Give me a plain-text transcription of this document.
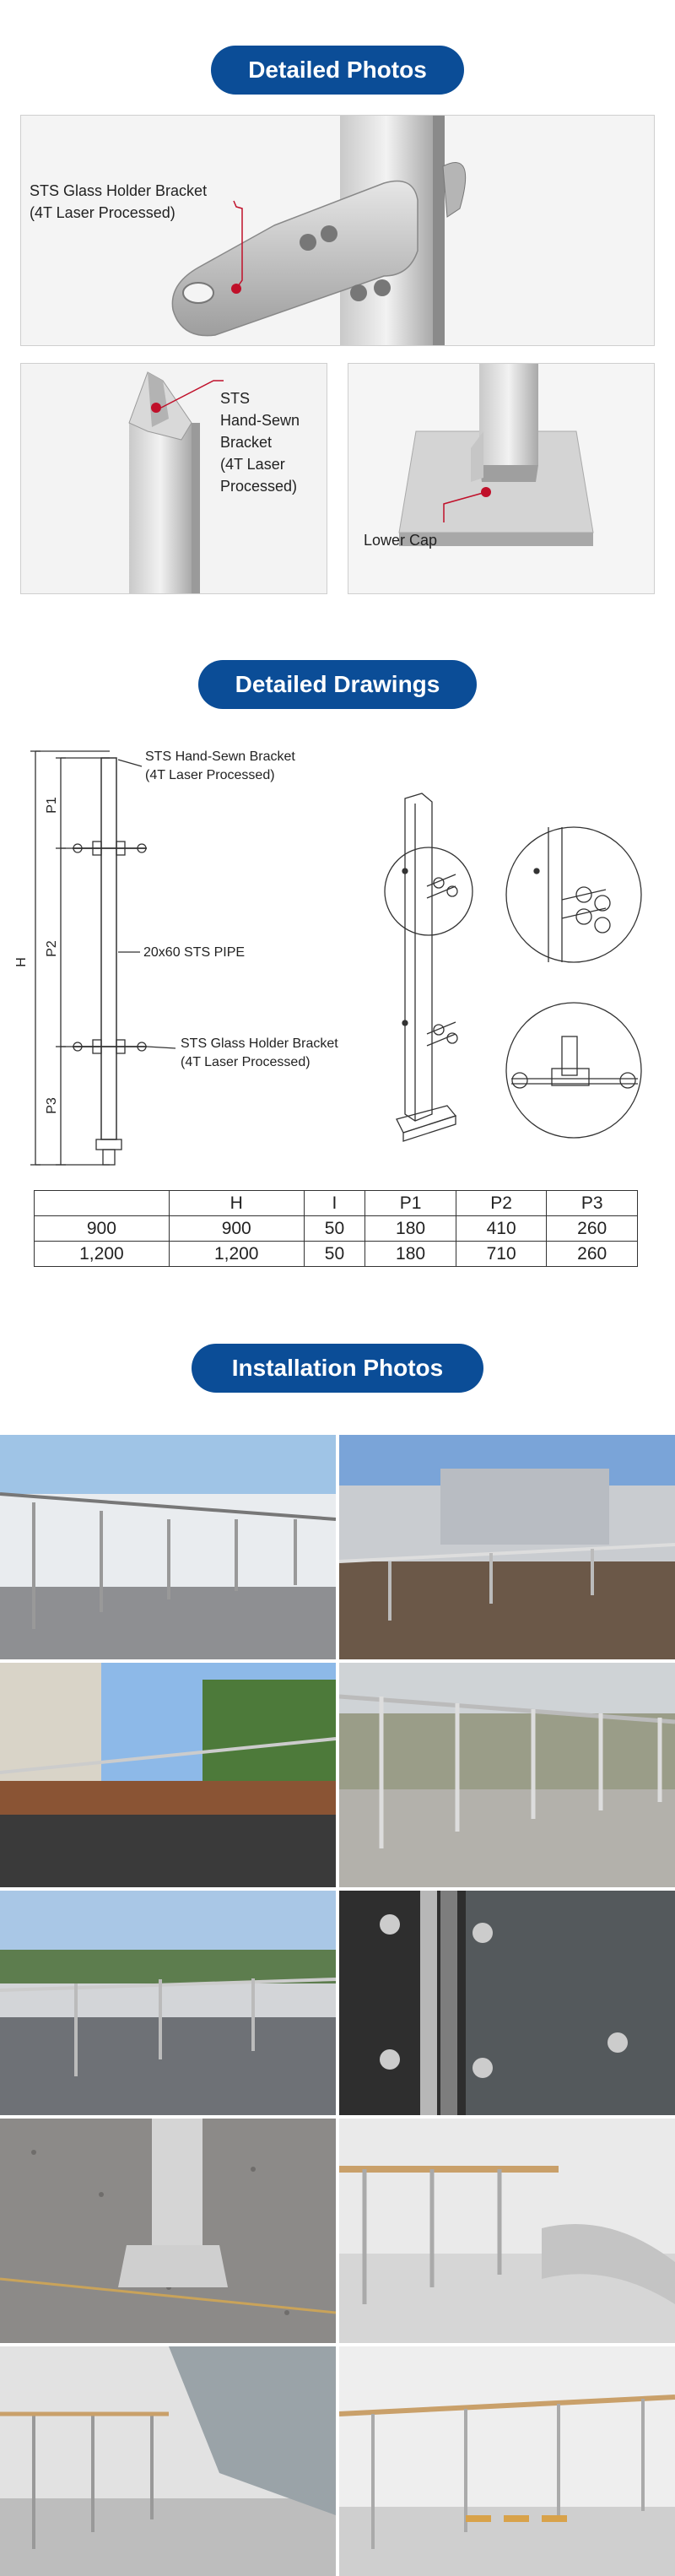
Detailed Photos
STS Glass Holder Bracket
(4T Laser Processed)
STS
Hand-Sewn
Bracket
(4T Laser
Processed)
Lower Cap
Detailed Drawings
H
P1
P2
P3
STS Hand-Sewn Bracket
(4T Laser Processed)
20x60 STS PIPE
STS Glass Holder Bracket
(4T Laser Processed)
	H	I	P1	P2	P3
900	900	50	180	410	260
1,200	1,200	50	180	710	260
Installation Photos
